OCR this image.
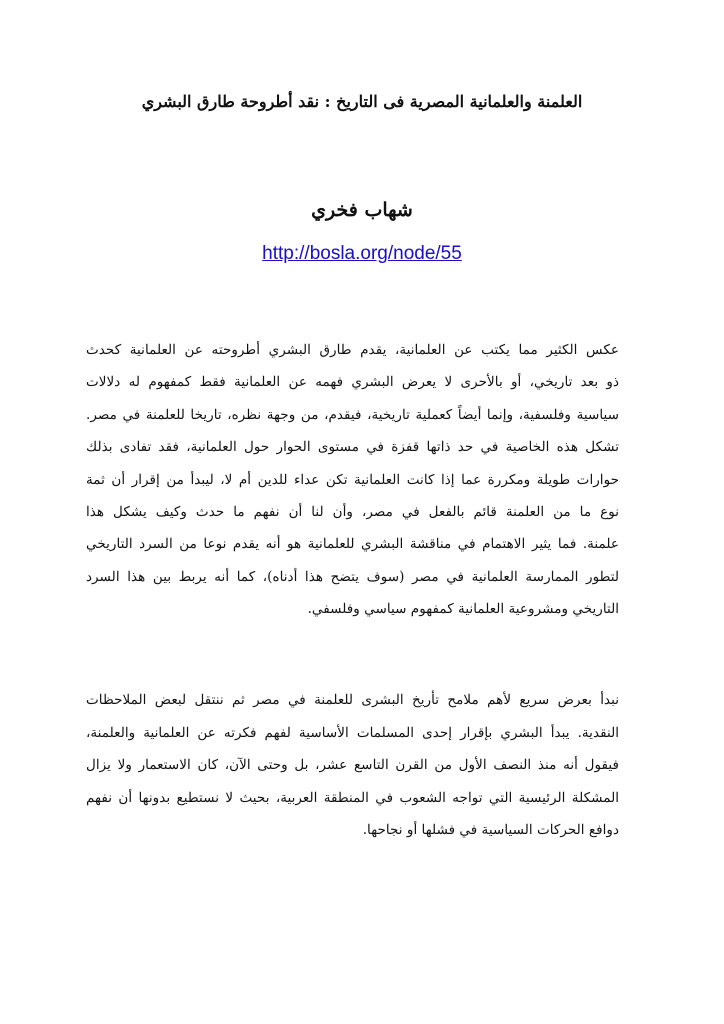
العلمنة والعلمانية المصرية فى التاريخ : نقد أطروحة طارق البشري
شهاب فخري
http://bosla.org/node/55
عكس الكثير مما يكتب عن العلمانية، يقدم طارق البشري أطروحته عن العلمانية كحدث
ذو بعد تاريخي، أو بالأحرى لا يعرض البشري فهمه عن العلمانية فقط كمفهوم له دلالات
سياسية وفلسفية، وإنما أيضاً كعملية تاريخية، فيقدم، من وجهة نظره، تاريخا للعلمنة في مصر.
تشكل هذه الخاصية في حد ذاتها قفزة في مستوى الحوار حول العلمانية، فقد تفادى بذلك
حوارات طويلة ومكررة عما إذا كانت العلمانية تكن عداء للدين أم لا، ليبدأ من إقرار أن ثمة
نوع ما من العلمنة قائم بالفعل في مصر، وأن لنا أن نفهم ما حدث وكيف يشكل هذا
علمنة. فما يثير الاهتمام في مناقشة البشري للعلمانية هو أنه يقدم نوعا من السرد التاريخي
لتطور الممارسة العلمانية في مصر (سوف يتضح هذا أدناه)، كما أنه يربط بين هذا السرد
التاريخي ومشروعية العلمانية كمفهوم سياسي وفلسفي.
نبدأ بعرض سريع لأهم ملامح تأريخ البشرى للعلمنة في مصر ثم ننتقل لبعض الملاحظات
النقدية. يبدأ البشري بإقرار إحدى المسلمات الأساسية لفهم فكرته عن العلمانية والعلمنة،
فيقول أنه منذ النصف الأول من القرن التاسع عشر، بل وحتى الآن، كان الاستعمار ولا يزال
المشكلة الرئيسية التي تواجه الشعوب في المنطقة العربية، بحيث لا نستطيع بدونها أن نفهم
دوافع الحركات السياسية في فشلها أو نجاحها.
